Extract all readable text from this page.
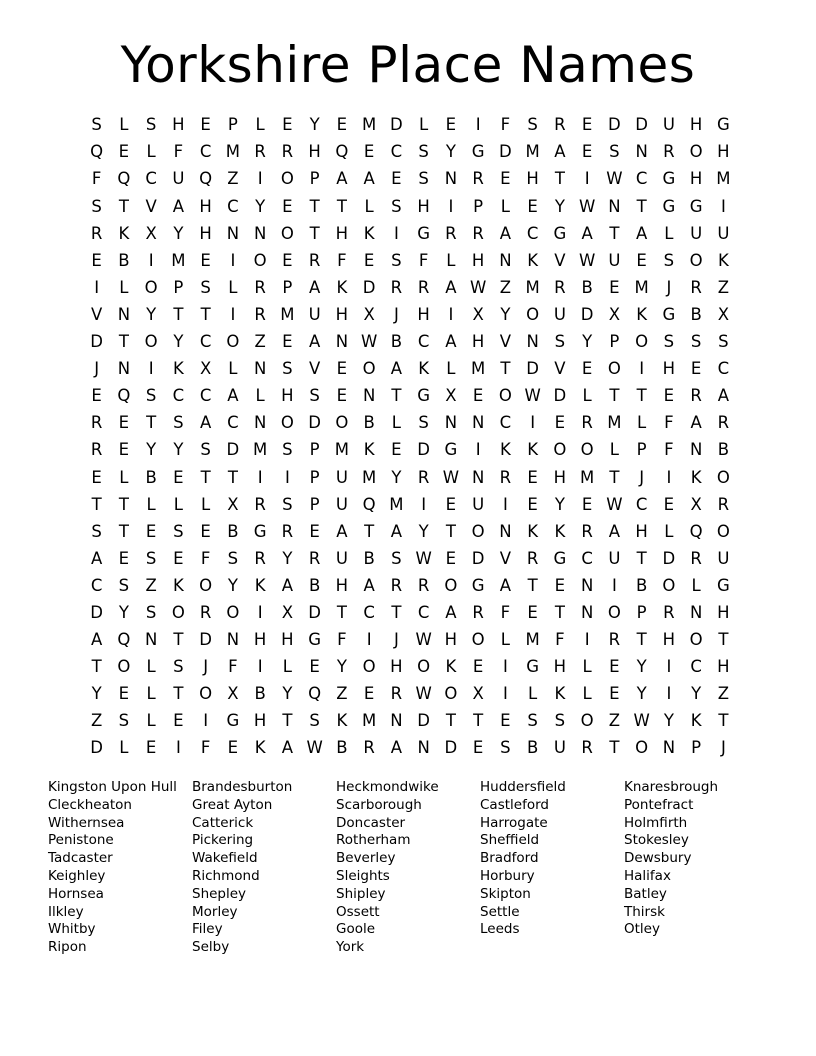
Yorkshire Place Names
S	L	S H E	P	L	E	Y	E M D L	E	I	F	S R E D D U H G
Q E	L	F	C M R R H Q E C S	Y G D M A E	S N R O H
F Q C U Q Z	I	O P	A A E	S N R E H T	I	W C G H M
S	T	V A H C Y	E	T	T	L	S H	I	P	L	E	Y W N T G G	I
R K X	Y H N N O T H K	I	G R R A C G A	T	A	L	U U
E B	I	M E	I	O E R	F	E	S	F	L H N K V W U E	S O K
I	L O P	S	L	R	P	A K D R R A W Z M R B E M	J	R Z
V N Y	T	T	I	R M U H X	J	H	I	X	Y O U D X K G B X
D T O Y C O Z E A N W B C A H V N S	Y	P O S	S	S
J	N	I	K X	L N S V E O A K	L M T D V E O	I	H E C
E Q S C C A	L H S	E N T G X E O W D L	T	T	E R A
R E	T	S A C N O D O B	L	S N N C	I	E R M L	F	A R
R E	Y	Y	S D M S	P M K	E D G	I	K K O O L	P	F N B
E	L	B E	T	T	I	I	P U M Y R W N R E H M T	J	I	K O
T	T	L	L	L	X R S	P U Q M	I	E U	I	E	Y	E W C E X R
S	T	E	S	E B G R E A	T	A	Y	T O N K K R A H L Q O
A E	S	E	F	S R Y R U B S W E D V R G C U T D R U
C S Z K O Y	K A B H A R R O G A	T	E N	I	B O L G
D Y	S O R O	I	X D T C T C A R	F	E	T N O P	R N H
A Q N T D N H H G F	I	J	W H O L M F	I	R T H O T
T O L	S	J	F	I	L	E	Y O H O K	E	I	G H L	E	Y	I	C H
Y	E	L	T O X B	Y Q Z E R W O X	I	L	K	L	E	Y	I	Y	Z
Z S	L	E	I	G H T	S	K M N D T	T	E	S	S O Z W Y	K	T
D L	E	I	F	E	K A W B R A N D E	S B U R T O N P	J
Kingston Upon Hull
Cleckheaton
Withernsea
Penistone
Tadcaster
Keighley
Hornsea
Ilkley
Whitby
Ripon
Brandesburton
Great Ayton
Catterick
Pickering
Wakefield
Richmond
Shepley
Morley
Filey
Selby
Heckmondwike
Scarborough
Doncaster
Rotherham
Beverley
Sleights
Shipley
Ossett
Goole
York
Huddersfield
Castleford
Harrogate
Sheffield
Bradford
Horbury
Skipton
Settle
Leeds
Knaresbrough
Pontefract
Holmfirth
Stokesley
Dewsbury
Halifax
Batley
Thirsk
Otley
